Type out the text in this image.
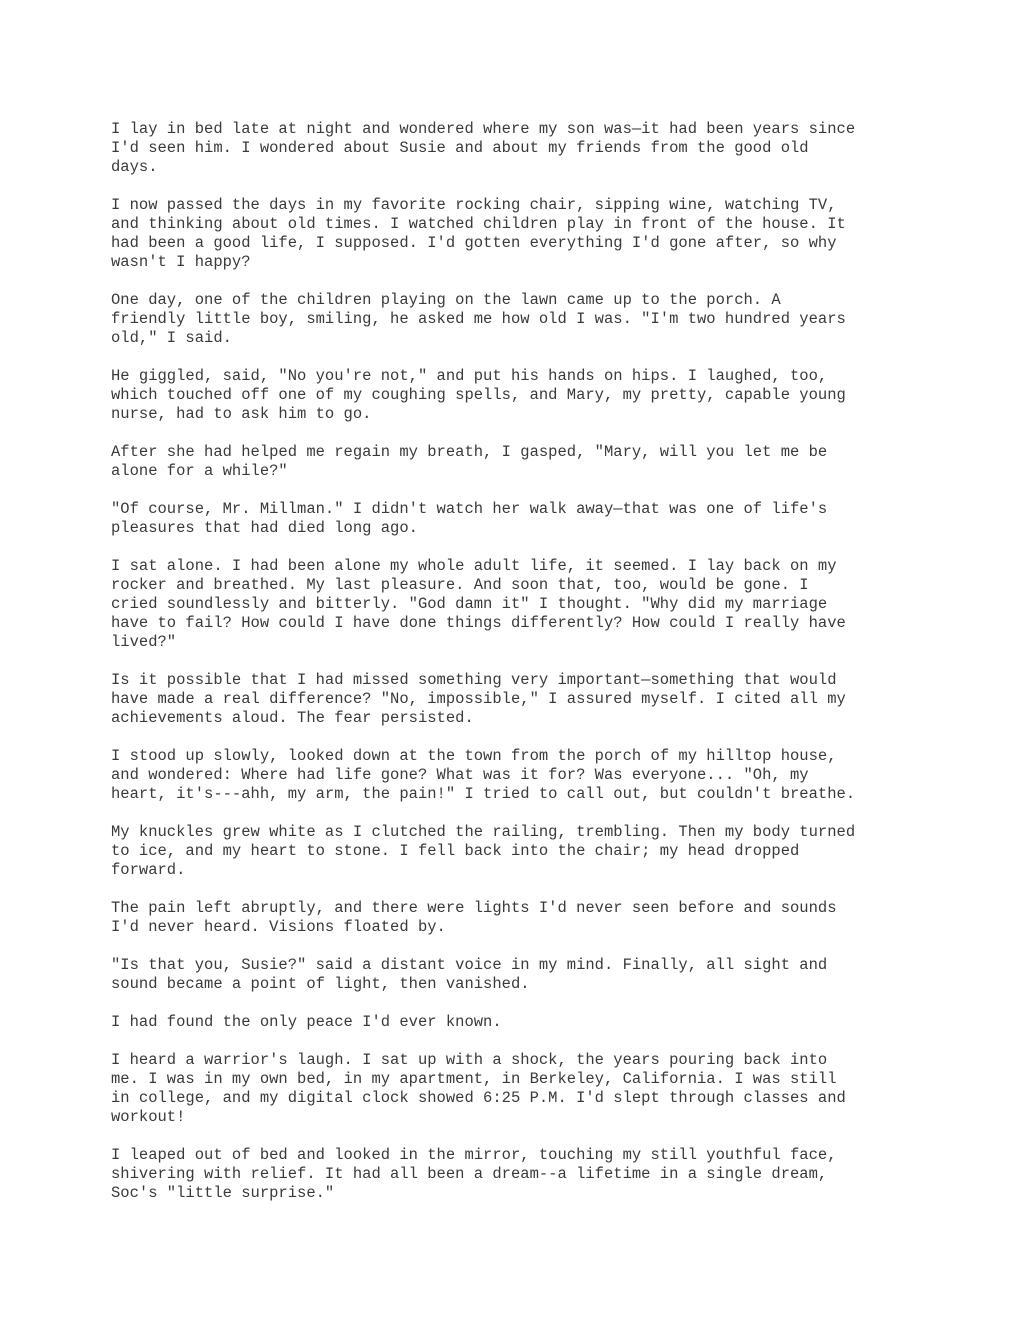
I lay in bed late at night and wondered where my son was—it had been years since
I'd seen him. I wondered about Susie and about my friends from the good old
days.

I now passed the days in my favorite rocking chair, sipping wine, watching TV,
and thinking about old times. I watched children play in front of the house. It
had been a good life, I supposed. I'd gotten everything I'd gone after, so why
wasn't I happy?

One day, one of the children playing on the lawn came up to the porch. A
friendly little boy, smiling, he asked me how old I was. "I'm two hundred years
old," I said.

He giggled, said, "No you're not," and put his hands on hips. I laughed, too,
which touched off one of my coughing spells, and Mary, my pretty, capable young
nurse, had to ask him to go.

After she had helped me regain my breath, I gasped, "Mary, will you let me be
alone for a while?"

"Of course, Mr. Millman." I didn't watch her walk away—that was one of life's
pleasures that had died long ago.

I sat alone. I had been alone my whole adult life, it seemed. I lay back on my
rocker and breathed. My last pleasure. And soon that, too, would be gone. I
cried soundlessly and bitterly. "God damn it" I thought. "Why did my marriage
have to fail? How could I have done things differently? How could I really have
lived?"

Is it possible that I had missed something very important—something that would
have made a real difference? "No, impossible," I assured myself. I cited all my
achievements aloud. The fear persisted.

I stood up slowly, looked down at the town from the porch of my hilltop house,
and wondered: Where had life gone? What was it for? Was everyone... "Oh, my
heart, it's---ahh, my arm, the pain!" I tried to call out, but couldn't breathe.

My knuckles grew white as I clutched the railing, trembling. Then my body turned
to ice, and my heart to stone. I fell back into the chair; my head dropped
forward.

The pain left abruptly, and there were lights I'd never seen before and sounds
I'd never heard. Visions floated by.

"Is that you, Susie?" said a distant voice in my mind. Finally, all sight and
sound became a point of light, then vanished.

I had found the only peace I'd ever known.

I heard a warrior's laugh. I sat up with a shock, the years pouring back into
me. I was in my own bed, in my apartment, in Berkeley, California. I was still
in college, and my digital clock showed 6:25 P.M. I'd slept through classes and
workout!

I leaped out of bed and looked in the mirror, touching my still youthful face,
shivering with relief. It had all been a dream--a lifetime in a single dream,
Soc's "little surprise."
